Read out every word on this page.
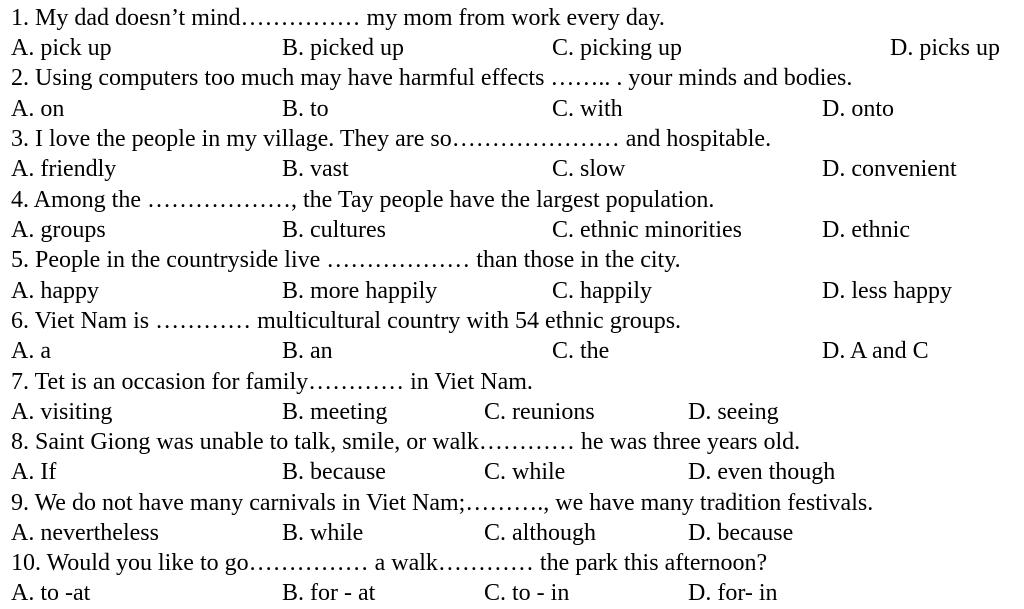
1. My dad doesn’t mind…………… my mom from work every day.
A. pick up	B. picked up	C. picking up	D. picks up
2. Using computers too much may have harmful effects …….. . your minds and bodies.
A. on	B. to	C. with	D. onto
3. I love the people in my village. They are so………………… and hospitable.
A. friendly	B. vast	C. slow	D. convenient
4. Among the ………………, the Tay people have the largest population.
A. groups	B. cultures	C. ethnic minorities	D. ethnic
5. People in the countryside live ……………… than those in the city.
A. happy	B. more happily	C. happily	D. less happy
6. Viet Nam is ………… multicultural country with 54 ethnic groups.
A. a	B. an	C. the	D. A and C
7. Tet is an occasion for family………… in Viet Nam.
A. visiting	B. meeting	C. reunions	D. seeing
8. Saint Giong was unable to talk, smile, or walk………… he was three years old.
A. If	B. because	C. while	D. even though
9. We do not have many carnivals in Viet Nam;………., we have many tradition festivals.
A. nevertheless	B. while	C. although	D. because
10. Would you like to go…………… a walk………… the park this afternoon?
A. to -at	B. for - at	C. to - in	D. for- in
